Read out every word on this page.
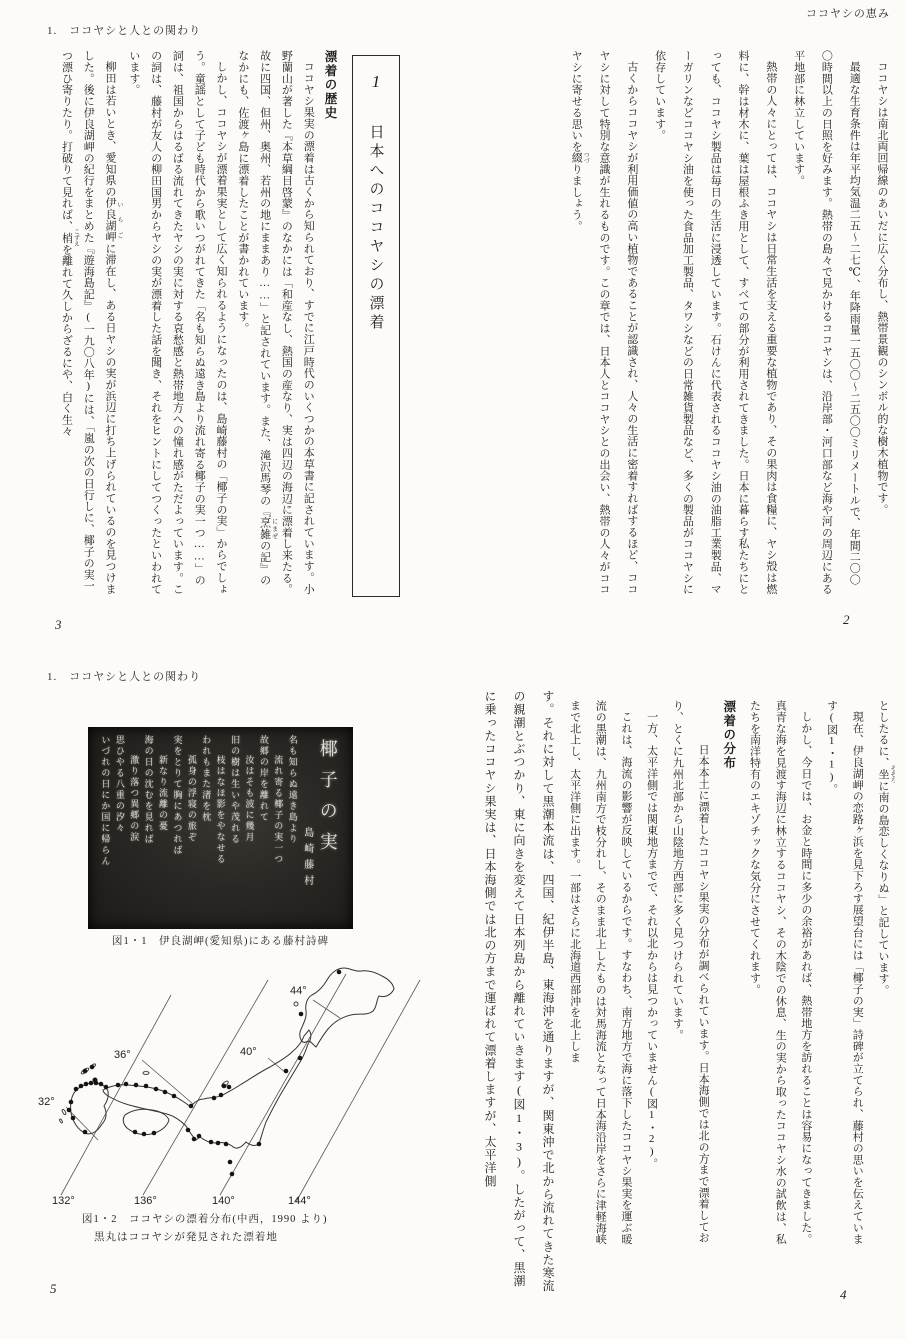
ココヤシの恵み
1.　ココヤシと人との関わり

ココヤシは南北両回帰線のあいだに広く分布し、熱帯景観のシンボル的な樹木植物です。

最適な生育条件は年平均気温二五〜二七℃、年降雨量一五〇〇〜二五〇〇ミリメートルで、年間二〇〇〇時間以上の日照を好みます。熱帯の島々で見かけるココヤシは、沿岸部・河口部など海や河の周辺にある平地部に林立しています。

熱帯の人々にとっては、ココヤシは日常生活を支える重要な植物であり、その果肉は食糧に、ヤシ殻は燃料に、幹は材木に、葉は屋根ふき用として、すべての部分が利用されてきました。日本に暮らす私たちにとっても、ココヤシ製品は毎日の生活に浸透しています。石けんに代表されるココヤシ油の油脂工業製品、マーガリンなどココヤシ油を使った食品加工製品、タワシなどの日常雑貨製品など、多くの製品がココヤシに依存しています。

古くからココヤシが利用価値の高い植物であることが認識され、人々の生活に密着すればするほど、ココヤシに対して特別な意識が生れるものです。この章では、日本人とココヤシとの出会い、熱帯の人々がココヤシに寄せる思いを綴 つづりましょう。

1 日本へのココヤシの漂着
漂着の歴史

ココヤシ果実の漂着は古くから知られており、すでに江戸時代のいくつかの本草書に記されています。小野蘭山が著した『本草綱目啓蒙』のなかには「和産なし、熱国の産なり、実は四辺の海辺に漂着し来たる。故に四国、但州、奥州、若州の地にままあり……」と記されています。また、滝沢馬琴の『烹雑 にまぜの記』のなかにも、佐渡ヶ島に漂着したことが書かれています。

しかし、ココヤシが漂着果実として広く知られるようになったのは、島崎藤村の「椰子の実」からでしょう。童謡として子ども時代から歌いつがれてきた「名も知らぬ遠き島より流れ寄る椰子の実一つ……」の詞は、祖国からはるばる流れてきたヤシの実に対する哀愁感と熱帯地方への憧れ感がただよっています。この詞は、藤村が友人の柳田国男からヤシの実が漂着した話を聞き、それをヒントにしてつくったといわれています。

柳田は若いとき、愛知県の伊良湖岬 いらごに滞在し、ある日ヤシの実が浜辺に打ち上げられているのを見つけました。後に伊良湖岬の紀行をまとめた『遊海島記』(一九〇八年)には、「嵐の次の日行しに、椰子の実一つ漂ひ寄りたり。打破りて見れば、梢 こずえを離れて久しからざるにや、白く生々

2
3
1.　ココヤシと人との関わり

としたるに、坐 そぞろに南の島恋しくなりぬ」と記しています。

現在、伊良湖岬の恋路ヶ浜を見下ろす展望台には「椰子の実」詩碑が立てられ、藤村の思いを伝えています(図1・1)。

しかし、今日では、お金と時間に多少の余裕があれば、熱帯地方を訪れることは容易になってきました。真青な海を見渡す海辺に林立するココヤシ、その木陰での休息、生の実から取ったココヤシ水の試飲は、私たちを南洋特有のエキゾチックな気分にさせてくれます。

漂着の分布

日本本土に漂着したココヤシ果実の分布が調べられています。日本海側では北の方まで漂着しており、とくに九州北部から山陰地方西部に多く見つけられています。

一方、太平洋側では関東地方までで、それ以北からは見つかっていません(図1・2)。

これは、海流の影響が反映しているからです。すなわち、南方地方で海に落下したココヤシ果実を運ぶ暖流の黒潮は、九州南方で枝分れし、そのまま北上したものは対馬海流となって日本海沿岸をさらに津軽海峡まで北上し、太平洋側に出ます。一部はさらに北海道西部沖を北上しま

す。それに対して黒潮本流は、四国、紀伊半島、東海沖を通りますが、関東沖で北から流れてきた寒流の親潮とぶつかり、東に向きを変えて日本列島から離れていきます(図1・3)。したがって、黒潮に乗ったココヤシ果実は、日本海側では北の方まで運ばれて漂着しますが、太平洋側

椰子の実
島崎藤村
名も知らぬ遠き島より
流れ寄る椰子の実一つ
故郷の岸を離れて
汝はそも波に幾月
旧の樹は生いや茂れる
枝はなほ影をやなせる
われもまた渚を枕
孤身の浮寝の旅ぞ
実をとりて胸にあつれば
新なり流離の憂
海の日の沈むを見れば
激り落つ異郷の涙
思ひやる八重の汐々
いづれの日にか国に帰らん
図1・1　伊良湖岬(愛知県)にある藤村詩碑
32°
36°	40°
44°
132°	136°	140°	144°
図1・2　ココヤシの漂着分布(中西，1990 より)
黒丸はココヤシが発見された漂着地
4
5
